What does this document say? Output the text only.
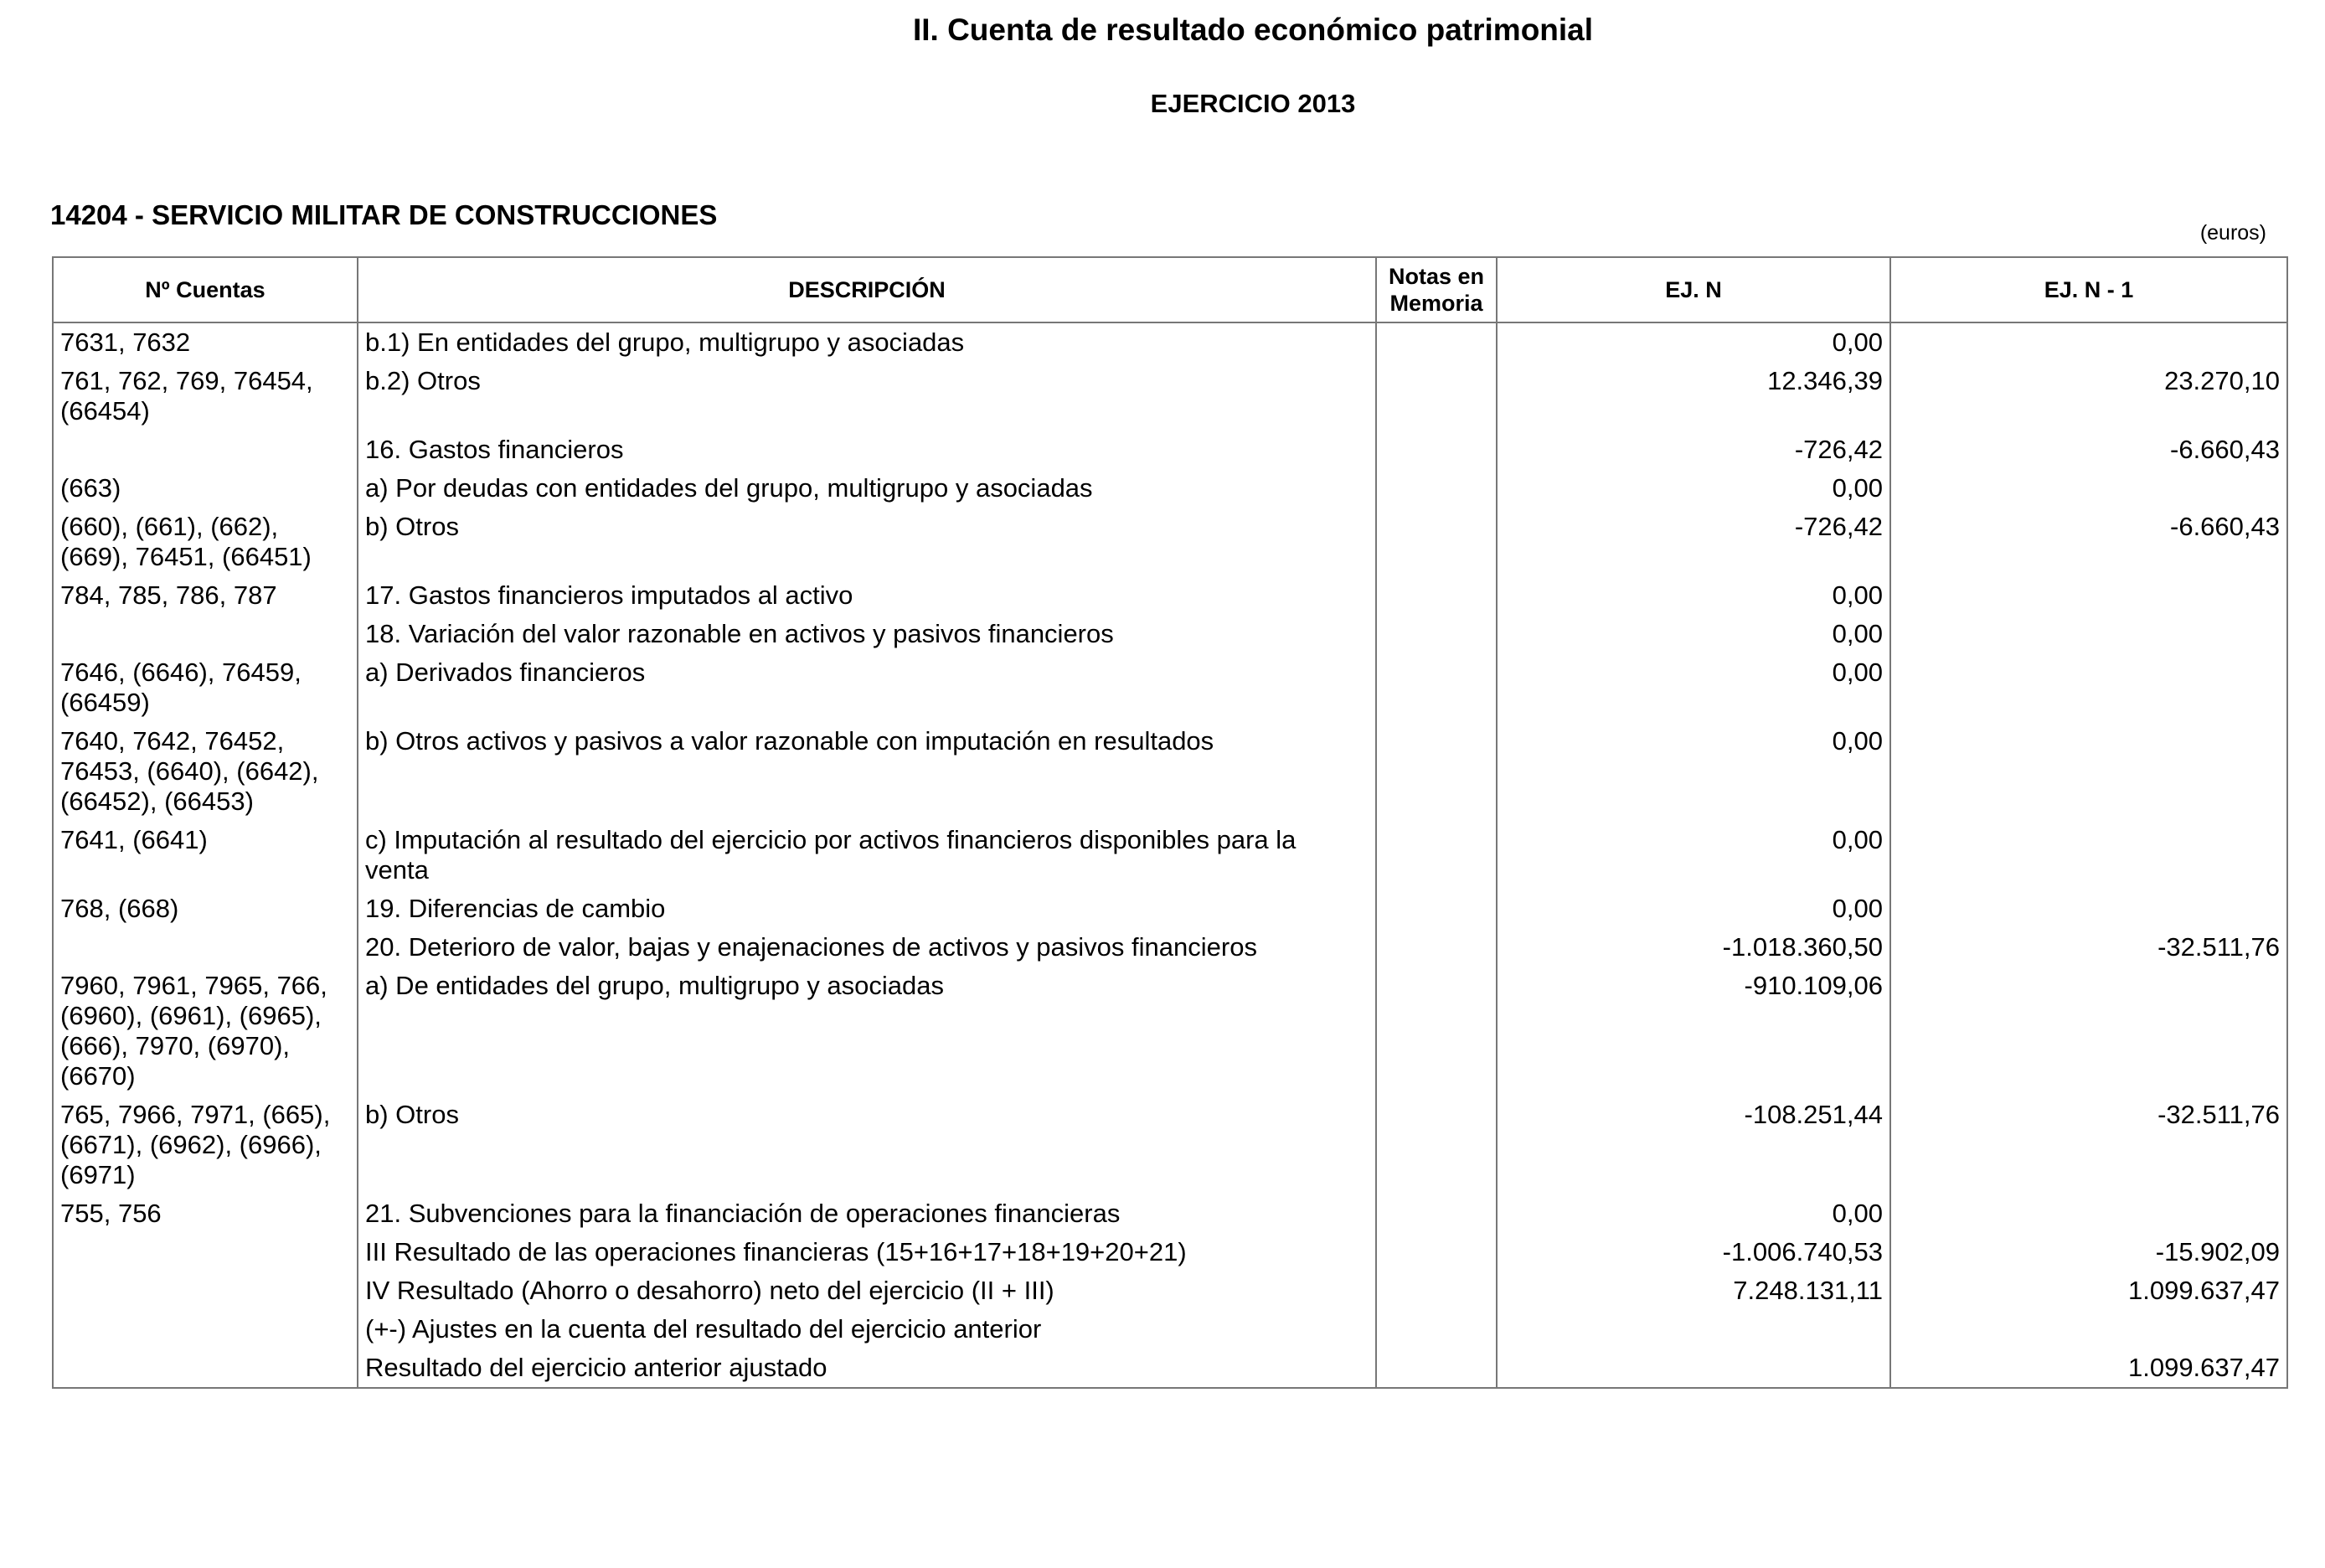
II. Cuenta de resultado económico patrimonial
EJERCICIO 2013
14204 - SERVICIO MILITAR DE CONSTRUCCIONES
(euros)
Nº Cuentas	DESCRIPCIÓN	Notas en
Memoria	EJ. N	EJ. N - 1
7631, 7632	b.1) En entidades del grupo, multigrupo y asociadas		0,00	
761, 762, 769, 76454,
(66454)	b.2) Otros		12.346,39	23.270,10
	16. Gastos financieros		-726,42	-6.660,43
(663)	a) Por deudas con entidades del grupo, multigrupo y asociadas		0,00	
(660), (661), (662),
(669), 76451, (66451)	b) Otros		-726,42	-6.660,43
784, 785, 786, 787	17. Gastos financieros imputados al activo		0,00	
	18. Variación del valor razonable en activos y pasivos financieros		0,00	
7646, (6646), 76459,
(66459)	a) Derivados financieros		0,00	
7640, 7642, 76452,
76453, (6640), (6642),
(66452), (66453)	b) Otros activos y pasivos a valor razonable con imputación en resultados		0,00	
7641, (6641)	c) Imputación al resultado del ejercicio por activos financieros disponibles para la
venta		0,00	
768, (668)	19. Diferencias de cambio		0,00	
	20. Deterioro de valor, bajas y enajenaciones de activos y pasivos financieros		-1.018.360,50	-32.511,76
7960, 7961, 7965, 766,
(6960), (6961), (6965),
(666), 7970, (6970),
(6670)	a) De entidades del grupo, multigrupo y asociadas		-910.109,06	
765, 7966, 7971, (665),
(6671), (6962), (6966),
(6971)	b) Otros		-108.251,44	-32.511,76
755, 756	21. Subvenciones para la financiación de operaciones financieras		0,00	
	III Resultado de las operaciones financieras (15+16+17+18+19+20+21)		-1.006.740,53	-15.902,09
	IV Resultado (Ahorro o desahorro) neto del ejercicio (II + III)		7.248.131,11	1.099.637,47
	(+-) Ajustes en la cuenta del resultado del ejercicio anterior			
	Resultado del ejercicio anterior ajustado			1.099.637,47
